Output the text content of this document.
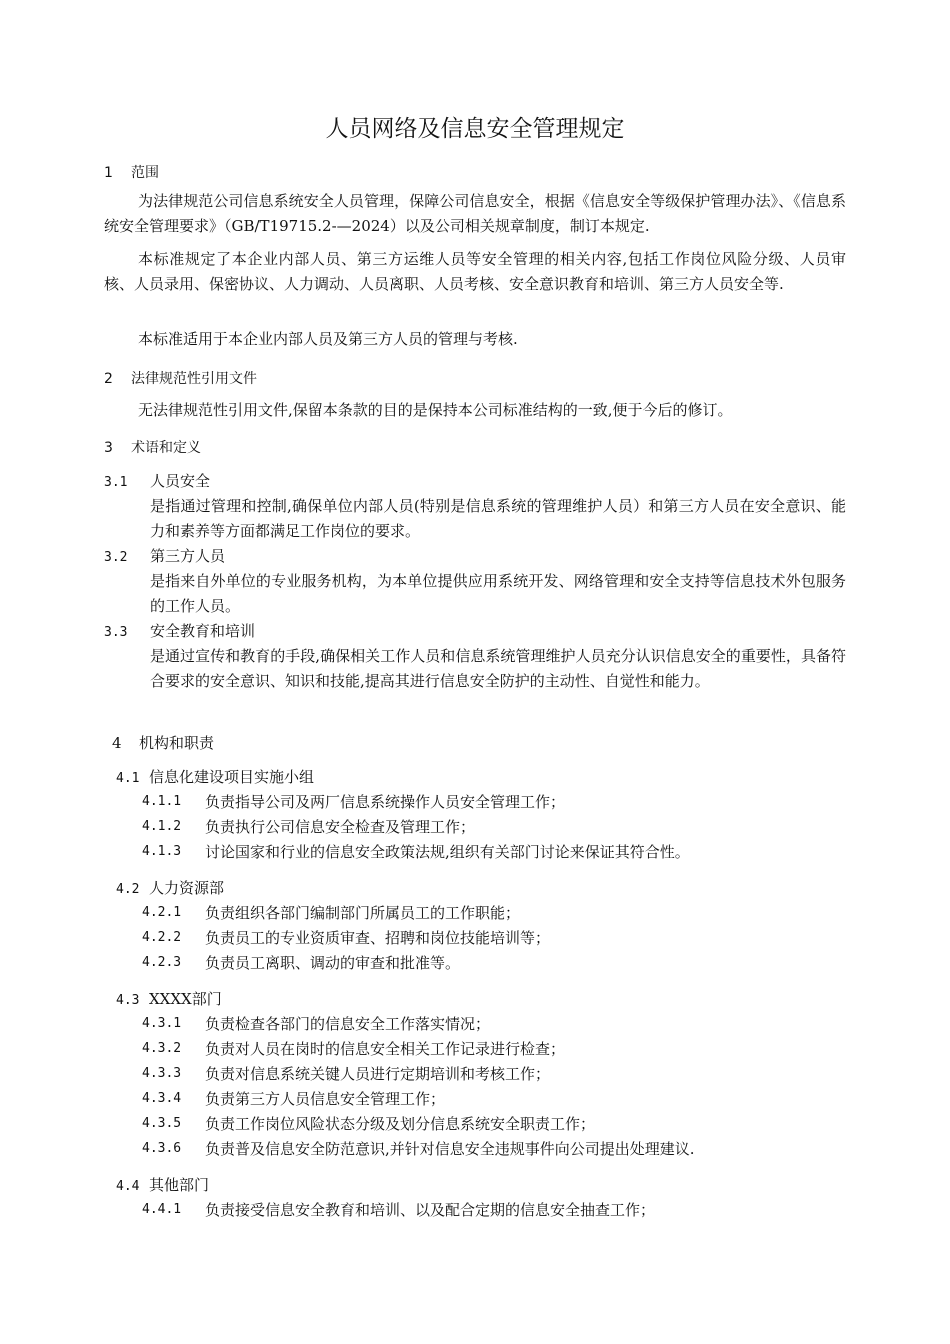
人员网络及信息安全管理规定
1 范围

为法律规范公司信息系统安全人员管理，保障公司信息安全，根据《信息安全等级保护管理办法》、《信息系统安全管理要求》（GB/T19715.2-—2024）以及公司相关规章制度，制订本规定.

本标准规定了本企业内部人员、第三方运维人员等安全管理的相关内容,包括工作岗位风险分级、人员审核、人员录用、保密协议、人力调动、人员离职、人员考核、安全意识教育和培训、第三方人员安全等.

本标准适用于本企业内部人员及第三方人员的管理与考核.

2 法律规范性引用文件

无法律规范性引用文件,保留本条款的目的是保持本公司标准结构的一致,便于今后的修订。

3 术语和定义
3.1 人员安全

是指通过管理和控制,确保单位内部人员(特别是信息系统的管理维护人员）和第三方人员在安全意识、能力和素养等方面都满足工作岗位的要求。

3.2 第三方人员

是指来自外单位的专业服务机构，为本单位提供应用系统开发、网络管理和安全支持等信息技术外包服务的工作人员。

3.3 安全教育和培训

是通过宣传和教育的手段,确保相关工作人员和信息系统管理维护人员充分认识信息安全的重要性，具备符合要求的安全意识、知识和技能,提高其进行信息安全防护的主动性、自觉性和能力。

4 机构和职责
4.1 信息化建设项目实施小组
4.1.1 负责指导公司及两厂信息系统操作人员安全管理工作；
4.1.2 负责执行公司信息安全检查及管理工作；
4.1.3 讨论国家和行业的信息安全政策法规,组织有关部门讨论来保证其符合性。
4.2 人力资源部
4.2.1 负责组织各部门编制部门所属员工的工作职能；
4.2.2 负责员工的专业资质审查、招聘和岗位技能培训等；
4.2.3 负责员工离职、调动的审查和批准等。
4.3 XXXX部门
4.3.1 负责检查各部门的信息安全工作落实情况；
4.3.2 负责对人员在岗时的信息安全相关工作记录进行检查；
4.3.3 负责对信息系统关键人员进行定期培训和考核工作；
4.3.4 负责第三方人员信息安全管理工作；
4.3.5 负责工作岗位风险状态分级及划分信息系统安全职责工作；
4.3.6 负责普及信息安全防范意识,并针对信息安全违规事件向公司提出处理建议.
4.4 其他部门
4.4.1 负责接受信息安全教育和培训、以及配合定期的信息安全抽查工作；
